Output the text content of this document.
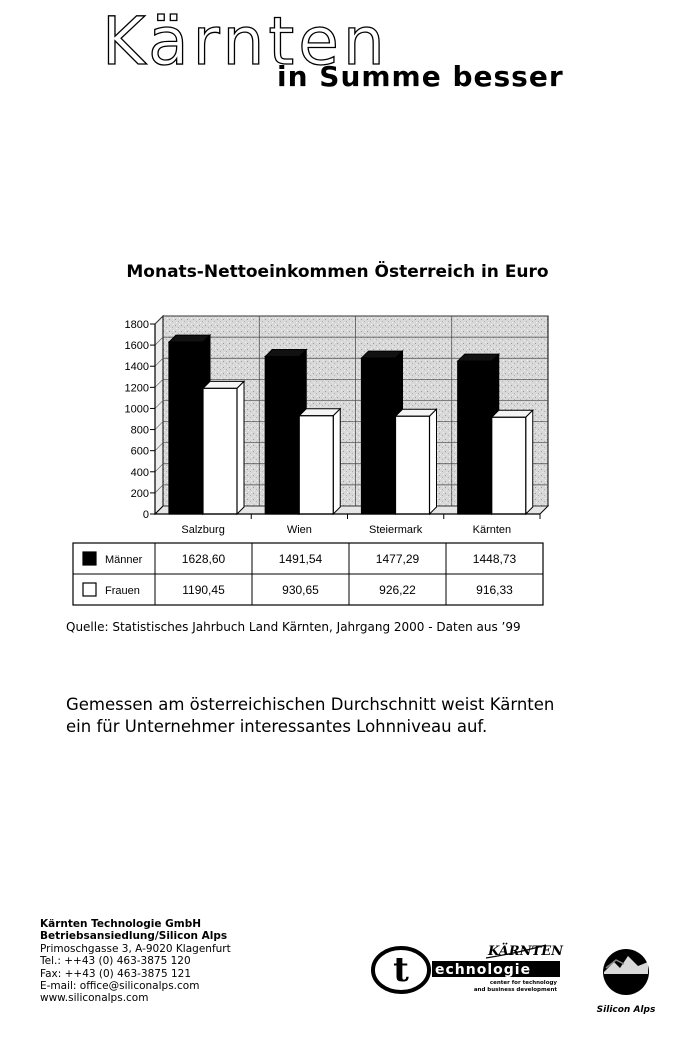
Kärnten
in Summe besser
Monats-Nettoeinkommen Österreich in Euro
0
200
400
600
800
1000
1200
1400
1600
1800
Salzburg	Wien	Steiermark	Kärnten
Männer	1628,60	1491,54	1477,29	1448,73
Frauen	1190,45	930,65	926,22	916,33
Quelle: Statistisches Jahrbuch Land Kärnten, Jahrgang 2000 - Daten aus ’99
Gemessen am österreichischen Durchschnitt weist Kärnten
ein für Unternehmer interessantes Lohnniveau auf.
Kärnten Technologie GmbH
Betriebsansiedlung/Silicon Alps
Primoschgasse 3, A-9020 Klagenfurt
Tel.: ++43 (0) 463-3875 120
Fax: ++43 (0) 463-3875 121
E-mail: office@siliconalps.com
www.siliconalps.com
KÄRNTEN
t echnologie
center for technology
and business development
Silicon Alps
